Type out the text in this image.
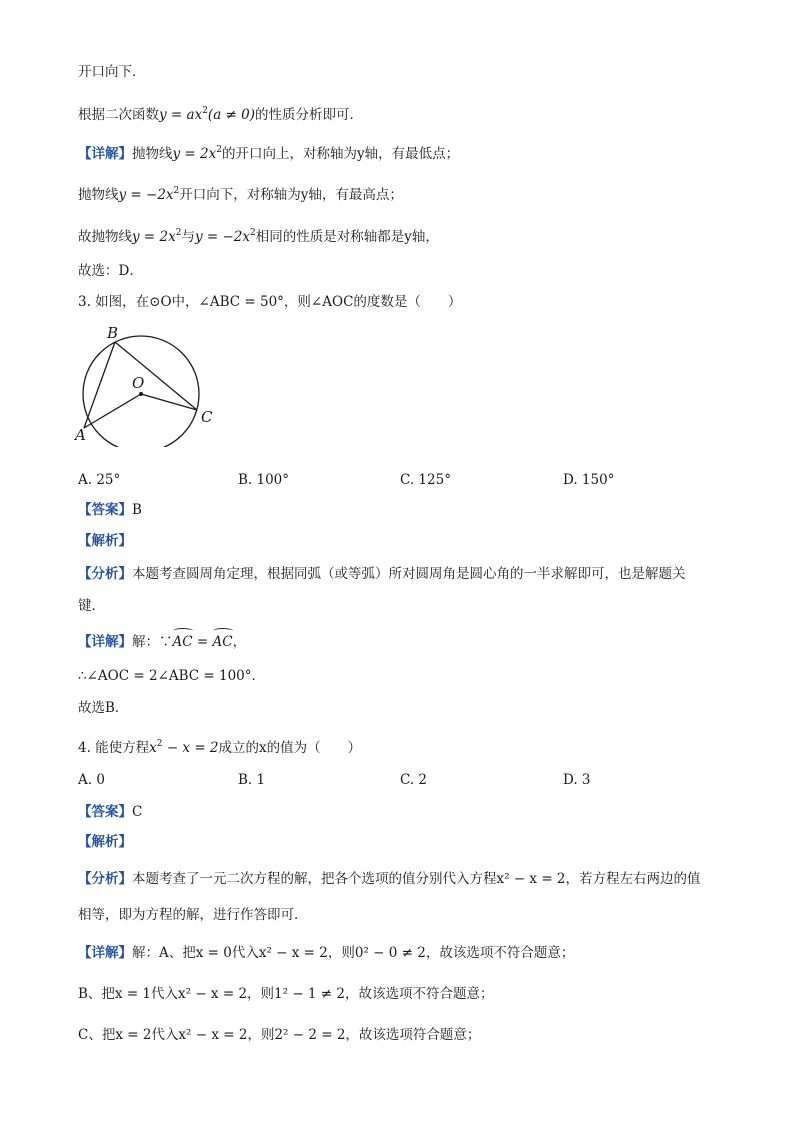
开口向下．
根据二次函数$y = ax^2(a \ne 0)$的性质分析即可．
【详解】抛物线$y = 2x^2$的开口向上，对称轴为y轴，有最低点；
抛物线$y = -2x^2$开口向下，对称轴为y轴，有最高点；
故抛物线$y = 2x^2$与$y = -2x^2$相同的性质是对称轴都是y轴，
故选：D．
3. 如图，在⊙O中，∠ABC = 50°，则∠AOC的度数是（　　）
B
O
A
C
A. 25°	B. 100°	C. 125°	D. 150°
【答案】B
【解析】
【分析】本题考查圆周角定理，根据同弧（或等弧）所对圆周角是圆心角的一半求解即可，也是解题关
键．
【详解】解：∵AC = AC，
∴∠AOC = 2∠ABC = 100°．
故选B．
4. 能使方程$x^2 - x = 2$成立的x的值为（　　）
A. 0	B. 1	C. 2	D. 3
【答案】C
【解析】
【分析】本题考查了一元二次方程的解，把各个选项的值分别代入方程x² − x = 2，若方程左右两边的值
相等，即为方程的解，进行作答即可．
【详解】解：A、把x = 0代入x² − x = 2，则0² − 0 ≠ 2，故该选项不符合题意；
B、把x = 1代入x² − x = 2，则1² − 1 ≠ 2，故该选项不符合题意；
C、把x = 2代入x² − x = 2，则2² − 2 = 2，故该选项符合题意；
